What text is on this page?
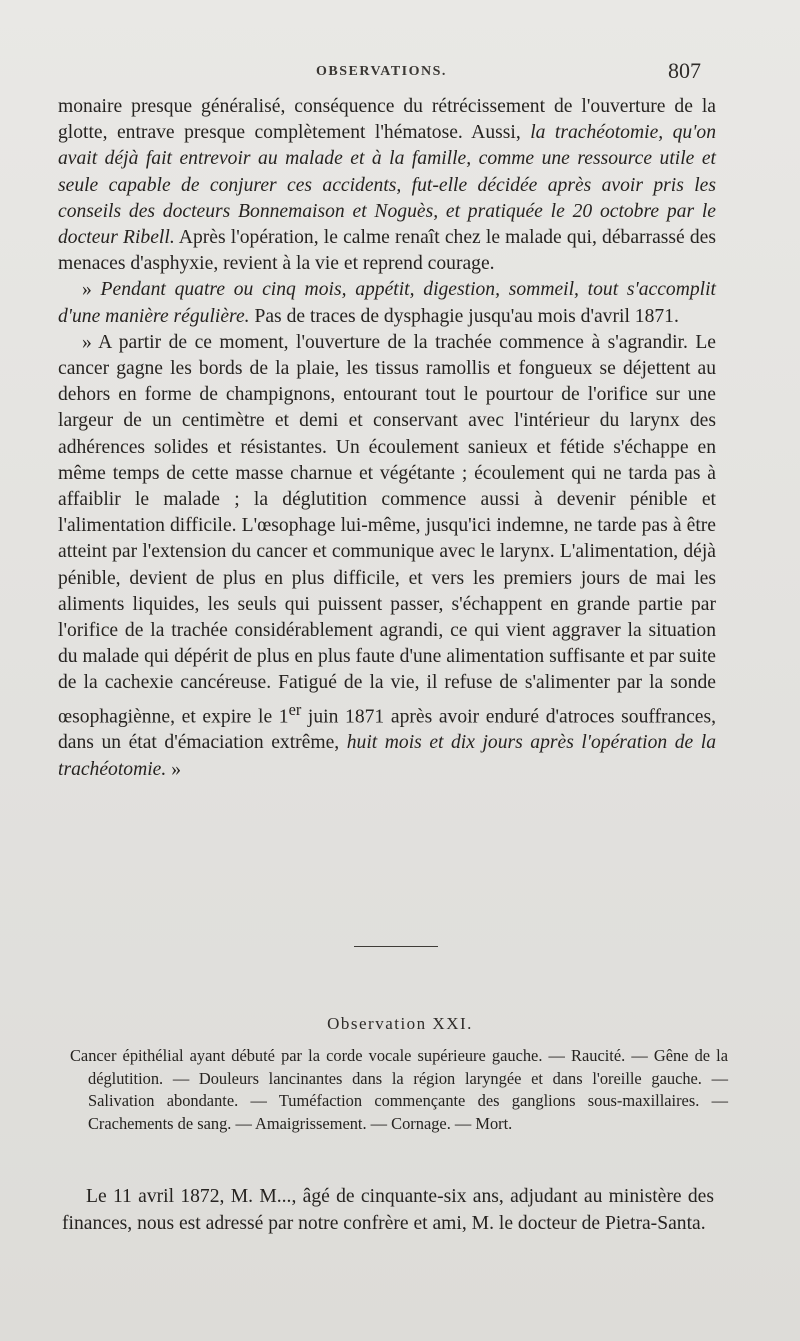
OBSERVATIONS.	807

monaire presque généralisé, conséquence du rétrécissement de l'ouverture de la glotte, entrave presque complètement l'hématose. Aussi, la trachéotomie, qu'on avait déjà fait entrevoir au malade et à la famille, comme une ressource utile et seule capable de conjurer ces accidents, fut-elle décidée après avoir pris les conseils des docteurs Bonnemaison et Noguès, et pratiquée le 20 octobre par le docteur Ribell. Après l'opération, le calme renaît chez le malade qui, débarrassé des menaces d'asphyxie, revient à la vie et reprend courage.

» Pendant quatre ou cinq mois, appétit, digestion, sommeil, tout s'accomplit d'une manière régulière. Pas de traces de dysphagie jusqu'au mois d'avril 1871.

» A partir de ce moment, l'ouverture de la trachée commence à s'agrandir. Le cancer gagne les bords de la plaie, les tissus ramollis et fongueux se déjettent au dehors en forme de champignons, entourant tout le pourtour de l'orifice sur une largeur de un centimètre et demi et conservant avec l'intérieur du larynx des adhérences solides et résistantes. Un écoulement sanieux et fétide s'échappe en même temps de cette masse charnue et végétante ; écoulement qui ne tarda pas à affaiblir le malade ; la déglutition commence aussi à devenir pénible et l'alimentation difficile. L'œsophage lui-même, jusqu'ici indemne, ne tarde pas à être atteint par l'extension du cancer et communique avec le larynx. L'alimentation, déjà pénible, devient de plus en plus difficile, et vers les premiers jours de mai les aliments liquides, les seuls qui puissent passer, s'échappent en grande partie par l'orifice de la trachée considérablement agrandi, ce qui vient aggraver la situation du malade qui dépérit de plus en plus faute d'une alimentation suffisante et par suite de la cachexie cancéreuse. Fatigué de la vie, il refuse de s'alimenter par la sonde œsophagiènne, et expire le 1er juin 1871 après avoir enduré d'atroces souffrances, dans un état d'émaciation extrême, huit mois et dix jours après l'opération de la trachéotomie. »

Observation XXI.

Cancer épithélial ayant débuté par la corde vocale supérieure gauche. — Raucité. — Gêne de la déglutition. — Douleurs lancinantes dans la région laryngée et dans l'oreille gauche. — Salivation abondante. — Tuméfaction commençante des ganglions sous-maxillaires. — Crachements de sang. — Amaigrissement. — Cornage. — Mort.

Le 11 avril 1872, M. M..., âgé de cinquante-six ans, adjudant au ministère des finances, nous est adressé par notre confrère et ami, M. le docteur de Pietra-Santa.
